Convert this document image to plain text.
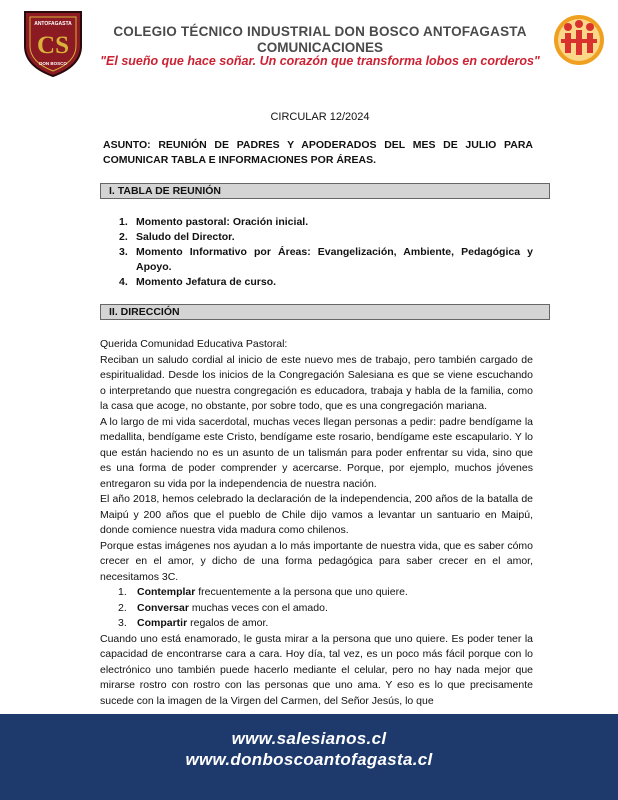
ANTOFAGASTA
CS
DON BOSCO
COLEGIO TÉCNICO INDUSTRIAL DON BOSCO ANTOFAGASTA
COMUNICACIONES
"El sueño que hace soñar. Un corazón que transforma lobos en corderos"
CIRCULAR 12/2024
ASUNTO: REUNIÓN DE PADRES Y APODERADOS DEL MES DE JULIO PARA COMUNICAR TABLA E INFORMACIONES POR ÁREAS.
I. TABLA DE REUNIÓN
1. Momento pastoral: Oración inicial.
2. Saludo del Director.
3. Momento Informativo por Áreas: Evangelización, Ambiente, Pedagógica y Apoyo.
4. Momento Jefatura de curso.
II. DIRECCIÓN

Querida Comunidad Educativa Pastoral:

Reciban un saludo cordial al inicio de este nuevo mes de trabajo, pero también cargado de espiritualidad. Desde los inicios de la Congregación Salesiana es que se viene escuchando o interpretando que nuestra congregación es educadora, trabaja y habla de la familia, como la casa que acoge, no obstante, por sobre todo, que es una congregación mariana.

A lo largo de mi vida sacerdotal, muchas veces llegan personas a pedir: padre bendígame la medallita, bendígame este Cristo, bendígame este rosario, bendígame este escapulario. Y lo que están haciendo no es un asunto de un talismán para poder enfrentar su vida, sino que es una forma de poder comprender y acercarse. Porque, por ejemplo, muchos jóvenes entregaron su vida por la independencia de nuestra nación.

El año 2018, hemos celebrado la declaración de la independencia, 200 años de la batalla de Maipú y 200 años que el pueblo de Chile dijo vamos a levantar un santuario en Maipú, donde comience nuestra vida madura como chilenos.

Porque estas imágenes nos ayudan a lo más importante de nuestra vida, que es saber cómo crecer en el amor, y dicho de una forma pedagógica para saber crecer en el amor, necesitamos 3C.

1. Contemplar frecuentemente a la persona que uno quiere.
2. Conversar muchas veces con el amado.
3. Compartir regalos de amor.

Cuando uno está enamorado, le gusta mirar a la persona que uno quiere. Es poder tener la capacidad de encontrarse cara a cara. Hoy día, tal vez, es un poco más fácil porque con lo electrónico uno también puede hacerlo mediante el celular, pero no hay nada mejor que mirarse rostro con rostro con las personas que uno ama. Y eso es lo que precisamente sucede con la imagen de la Virgen del Carmen, del Señor Jesús, lo que

www.salesianos.cl
www.donboscoantofagasta.cl
